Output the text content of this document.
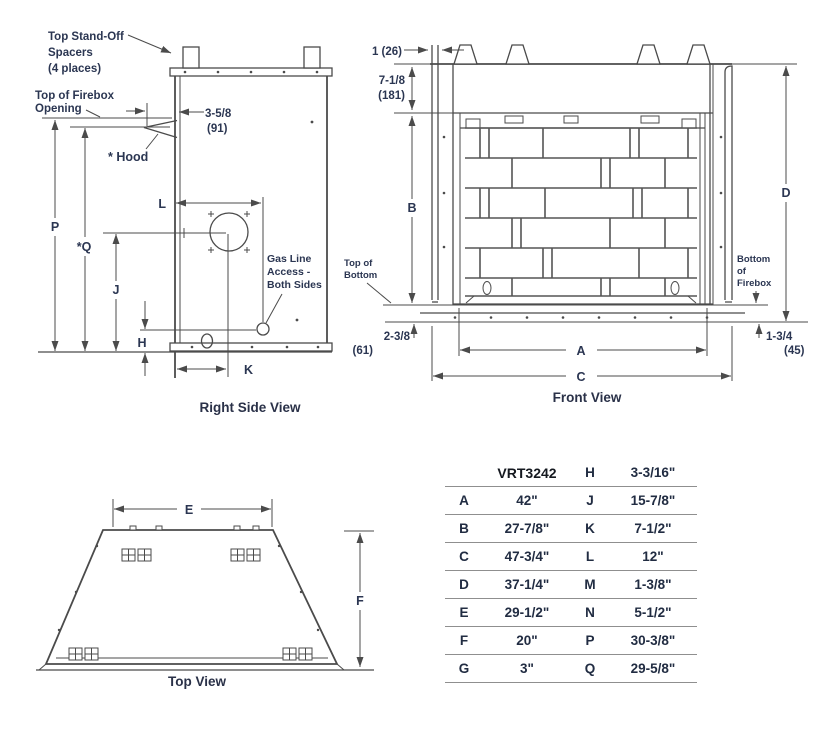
P
*Q
J
H
K
L
Top Stand-Off
Spacers
(4 places)
Top of Firebox
Opening
* Hood
3-5/8
(91)
Gas Line
Access -
Both Sides
Right Side View
1 (26)
7-1/8
(181)
B
D
Top of
Bottom
Bottom
of
Firebox
2-3/8
(61)
1-3/4
(45)
A
C
Front View
E
F
Top View
	VRT3242	H	3-3/16"
A	42"	J	15-7/8"
B	27-7/8"	K	7-1/2"
C	47-3/4"	L	12"
D	37-1/4"	M	1-3/8"
E	29-1/2"	N	5-1/2"
F	20"	P	30-3/8"
G	3"	Q	29-5/8"
